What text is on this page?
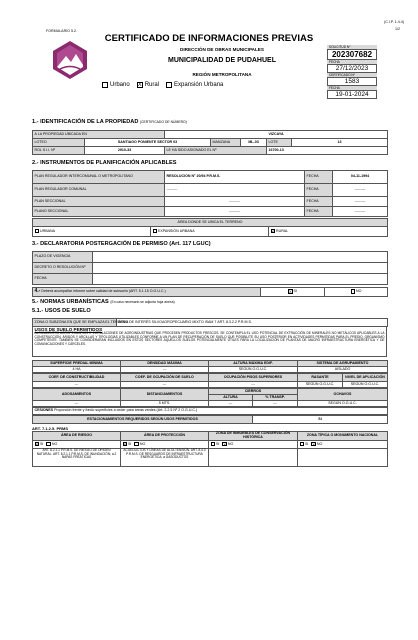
(C.I.P. 1.4.4)
1/2
FORMULARIO 5.2.
CERTIFICADO DE INFORMACIONES PREVIAS
DIRECCIÓN DE OBRAS MUNICIPALES
MUNICIPALIDAD DE PUDAHUEL
REGIÓN METROPOLITANA
Urbano X Rural	Expansión Urbana
SOLICITUD Nº
202307682
FECHA
27/12/2023
CERTIFICADO Nº
1583
FECHA
19-01-2024
1.- IDENTIFICACIÓN DE LA PROPIEDAD (CERTIFICADO DE NÚMERO)
A LA PROPIEDAD UBICADA EN		VIZCAYA				
LOTEO	SANTIAGO PONIENTE SECTOR 03		MANZANA	ML-03	LOTE	13
ROL S.I.I. Nº	2910-33	LE HA SIDO ASIGNADO EL Nº			16700-13	
2.- INSTRUMENTOS DE PLANIFICACIÓN APLICABLES
PLAN REGULADOR INTERCOMUNAL O METROPOLITANO	RESOLUCION N° 20/94 P.R.M.S.	FECHA	04-11-1994
PLAN REGULADOR COMUNAL	---------	FECHA	---------
PLAN SECCIONAL	---------	FECHA	---------
PLANO SECCIONAL	---------	FECHA	---------
ÁREA DONDE SE UBICA EL TERRENO
URBANA	EXPANSIÓN URBANA	X RURAL
3.- DECLARATORIA POSTERGACIÓN DE PERMISO (Art. 117 LGUC)
PLAZO DE VIGENCIA	
DECRETO O RESOLUCIÓN Nº	
FECHA	
4.- Deberá acompañar informe sobre calidad de subsuelo (ART. 5.1.15 O.G.U.C.)	X SI	NO
5.- NORMAS URBANÍSTICAS (En caso necesario se adjunta hoja anexa)
5.1.- USOS DE SUELO
ZONA O SUBZONA EN QUE SE EMPLAZA EL TERRENO	ÁREA DE INTERÉS SILVOAGROPECUARIO MIXTO ISAM 7 ART. 8.3.2.2 P.R.M.S.
USOS DE SUELO PERMITIDOS
ALOJAMIENTOS AGROPECUARIOS E INSTALACIONES DE AGROINDUSTRIAS QUE PROCESEN PRODUCTOS FRESCOS. SE CONTEMPLA EL USO POTENCIAL DE EXTRACCIÓN DE MINERALES NO METÁLICOS APLICABLES A LA CONSTRUCCIÓN, ÁRIDOS Y ARCILLAS Y TIPOLOGÍAS UTILIZABLES CONFORME A UN PLAN DE RECUPERACIÓN DE SUELO QUE POSIBILITE SU USO POSTERIOR EN ACTIVIDADES PERMITIDAS PARA EL PREDIO, ORGANISMO COMPETENTE. TAMBIÉN SE CONSIDERARÁN INCLUIDOS EN ESTOS SECTORES AQUELLOS SUELOS POTENCIALMENTE ÚTILES PARA LA LOCALIZACIÓN DE PLANTAS DE MACRO INFRAESTRUCTURA ENERGÉTICA Y DE COMUNICACIONES Y CÁRCELES.
SUPERFICIE PREDIAL MÍNIMA	DENSIDAD MÁXIMA	ALTURA MÁXIMA EDIF.	SISTEMA DE AGRUPAMIENTO
4 HA	---	SEGÚN O.G.U.C.	AISLADO
COEF. DE CONSTRUCTIBILIDAD	COEF. DE OCUPACIÓN DE SUELO	OCUPACIÓN PISOS SUPERIORES	RASANTE	NIVEL DE APLICACIÓN
---	---	---	SEGÚN O.G.U.C.	SEGÚN O.G.U.C.
ADOSAMIENTOS	DISTANCIAMIENTOS	CIERROS		OCHAVOS
		ALTURA	% TRANSP.	
---	5 MTS.	---	---	SEGÚN O.G.U.C.
CESIONES Proporción frente y fondo superficies a ceder para áreas verdes (Art. 2.2.5 Nº 2 O.G.U.C.)
ESTACIONAMIENTOS REQUERIDOS SEGÚN USOS PERMITIDOS	SI
ART. 7.1.2.5. PRMS
ÁREA DE RIESGO	ÁREA DE PROTECCIÓN	ZONA DE INMUEBLES DE CONSERVACIÓN HISTÓRICA	ZONA TÍPICA O MONUMENTO NACIONAL
X SI NO	X SI NO	SI X NO	SI X NO
ART. 8.2.1.1 P.R.M.S. DE RIESGO DE ORIGEN NATURAL. ART. 8.2.1.1 P.R.M.S. DE INUNDACIÓN; a.2 NAPAS FREÁTICAS	ACUEDUCTOS Y LÍNEAS DE ALTA TENSIÓN. ART. 8.4.3 P.R.M.S. DE RESGUARDO DE INFRAESTRUCTURA ENERGÉTICA; a GASODUCTOS		
